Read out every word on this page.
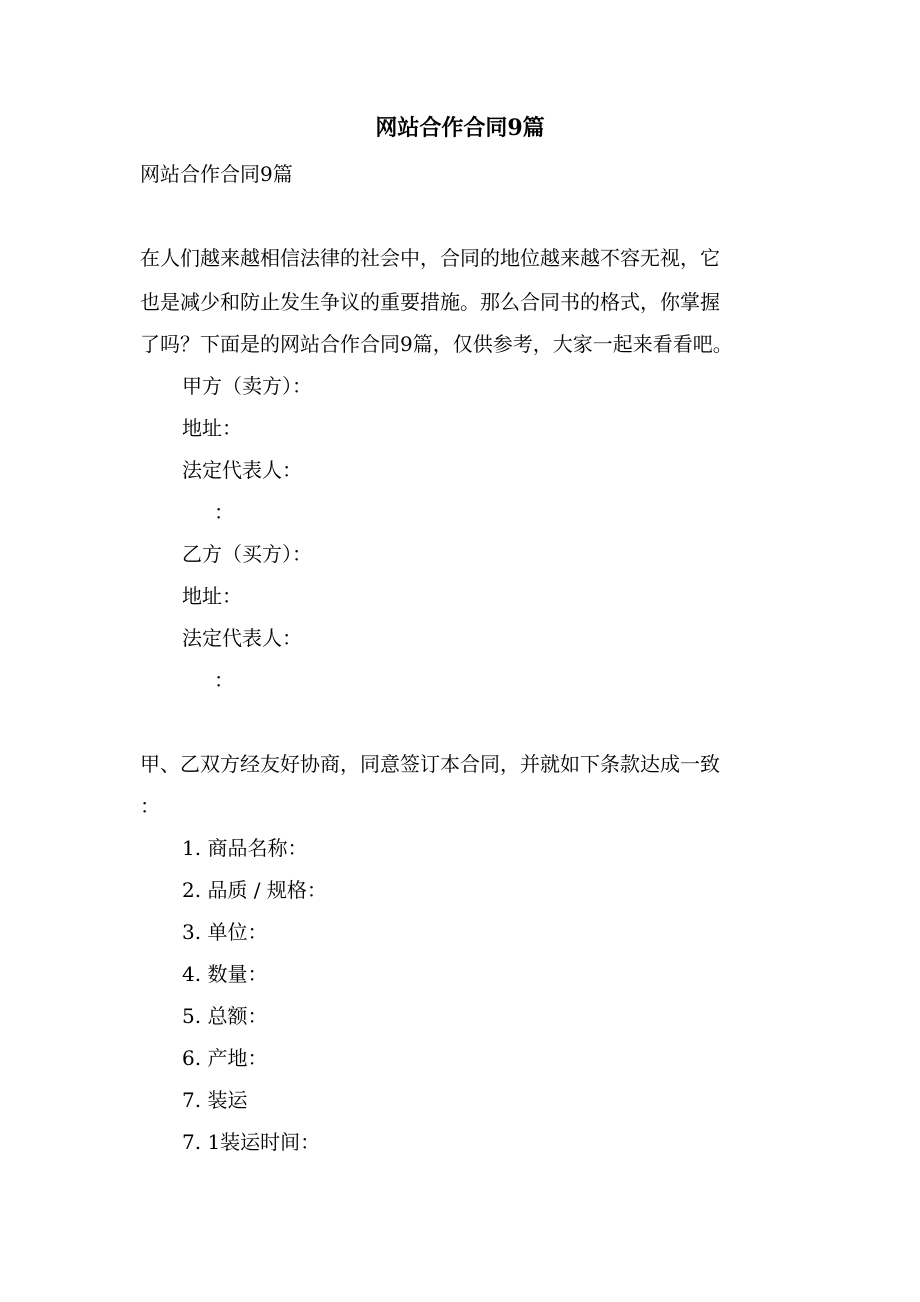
网站合作合同9篇

网站合作合同9篇

在人们越来越相信法律的社会中，合同的地位越来越不容无视，它

也是减少和防止发生争议的重要措施。那么合同书的格式，你掌握

了吗？下面是的网站合作合同9篇，仅供参考，大家一起来看看吧。

甲方（卖方）：

地址：

法定代表人：

：

乙方（买方）：

地址：

法定代表人：

：

甲、乙双方经友好协商，同意签订本合同，并就如下条款达成一致

：

1. 商品名称：

2. 品质 / 规格：

3. 单位：

4. 数量：

5. 总额：

6. 产地：

7. 装运

7. 1装运时间：
